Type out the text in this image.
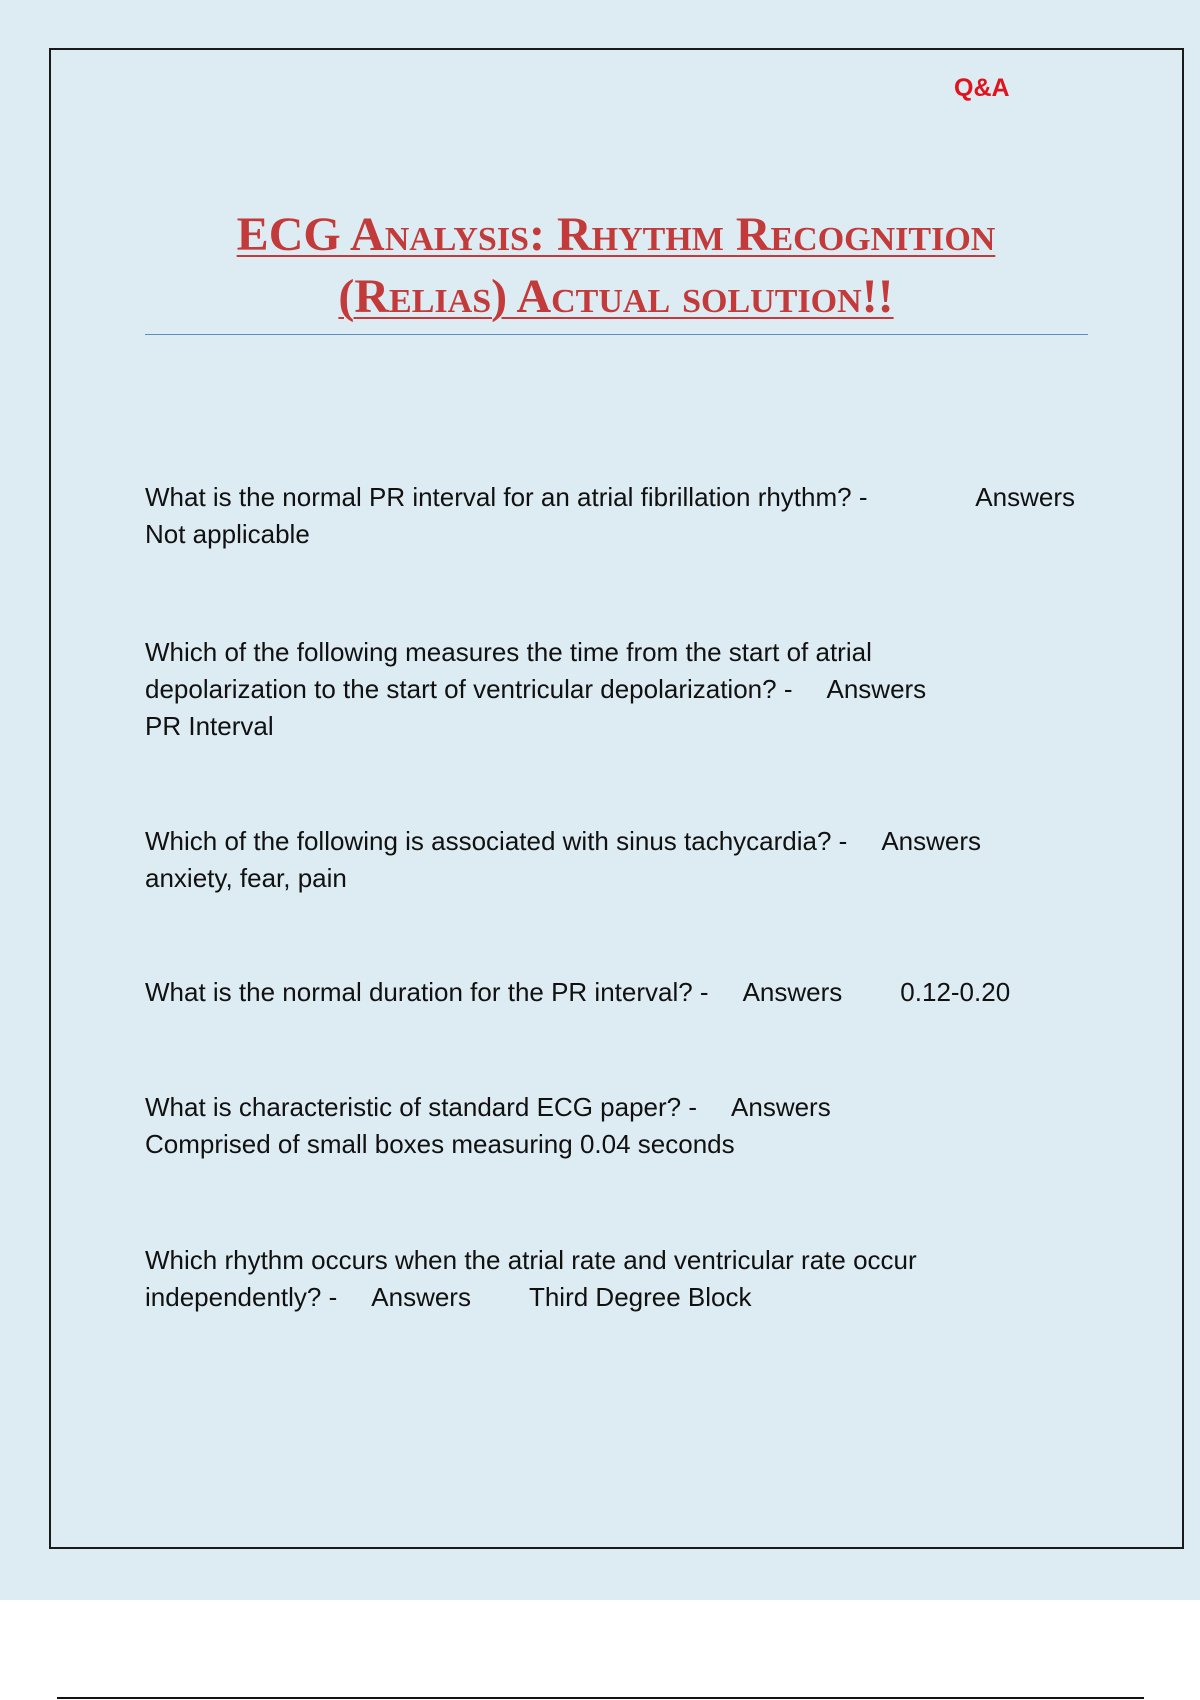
Q&A
ECG Analysis: Rhythm Recognition
(Relias) Actual solution!!
What is the normal PR interval for an atrial fibrillation rhythm? -	Answers
Not applicable
Which of the following measures the time from the start of atrial
depolarization to the start of ventricular depolarization? - Answers
PR Interval
Which of the following is associated with sinus tachycardia? - Answers
anxiety, fear, pain
What is the normal duration for the PR interval? - Answers 0.12-0.20
What is characteristic of standard ECG paper? - Answers
Comprised of small boxes measuring 0.04 seconds
Which rhythm occurs when the atrial rate and ventricular rate occur
independently? - Answers Third Degree Block
